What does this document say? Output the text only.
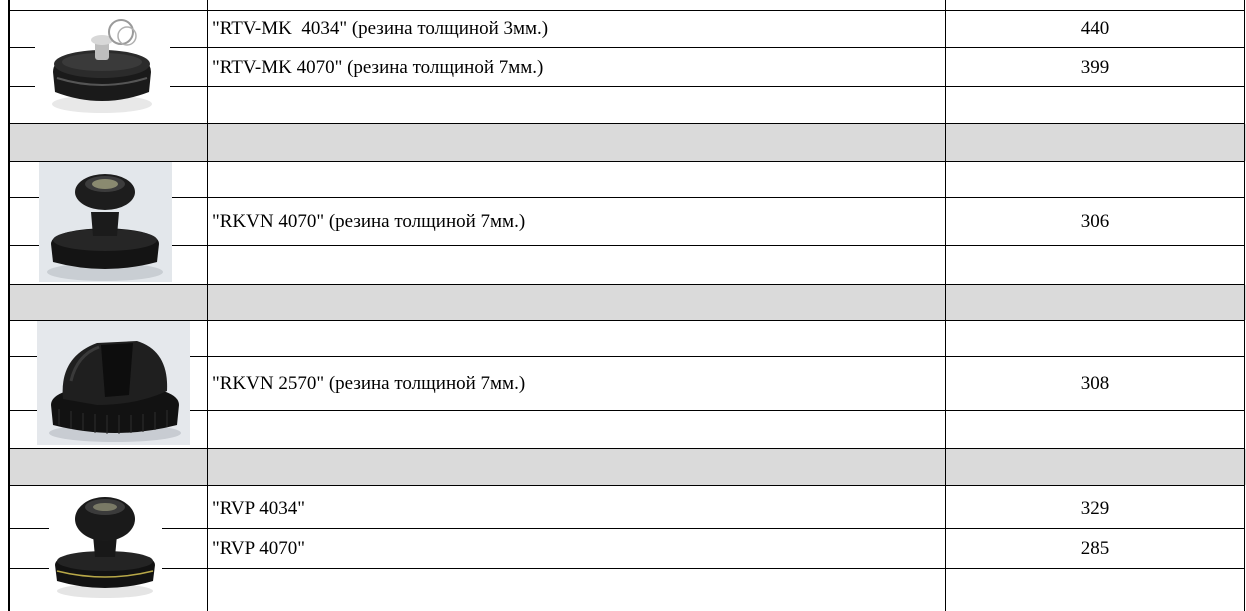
"RTV-MK  4034" (резина толщиной 3мм.)
"RTV-MK 4070" (резина толщиной 7мм.)
"RKVN 4070" (резина толщиной 7мм.)
"RKVN 2570" (резина толщиной 7мм.)
"RVP 4034"
"RVP 4070"
440
399
306
308
329
285
